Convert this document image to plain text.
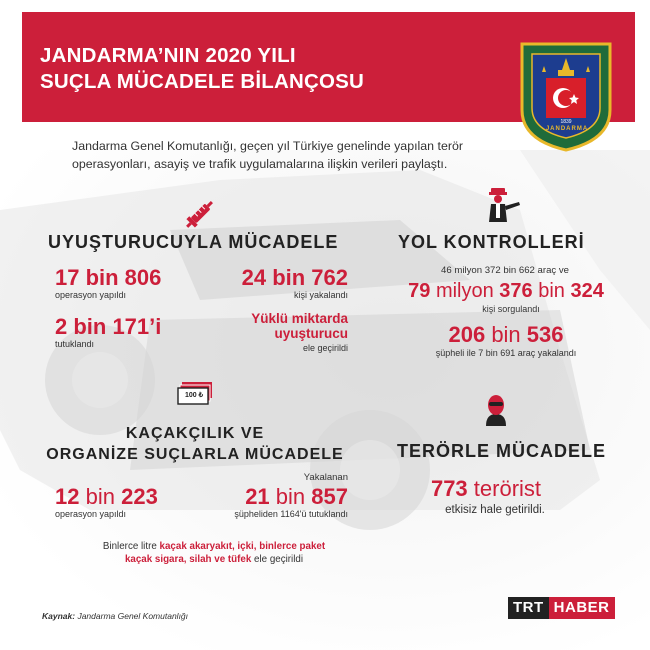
JANDARMA’NIN 2020 YILI
SUÇLA MÜCADELE BİLANÇOSU
JANDARMA
1839
Jandarma Genel Komutanlığı, geçen yıl Türkiye genelinde yapılan terör operasyonları, asayiş ve trafik uygulamalarına ilişkin verileri paylaştı.
UYUŞTURUCUYLA MÜCADELE
17 bin 806
operasyon yapıldı
24 bin 762
kişi yakalandı
2 bin 171’i
tutuklandı
Yüklü miktarda
uyuşturucu
ele geçirildi
YOL KONTROLLERİ
46 milyon 372 bin 662 araç ve
79 milyon 376 bin 324
kişi sorgulandı
206 bin 536
şüpheli ile 7 bin 691 araç yakalandı
100 ₺
KAÇAKÇILIK VE
ORGANİZE SUÇLARLA MÜCADELE
12 bin 223
operasyon yapıldı
Yakalanan
21 bin 857
şüpheliden 1164'ü tutuklandı
Binlerce litre kaçak akaryakıt, içki, binlerce paket
kaçak sigara, silah ve tüfek ele geçirildi
TERÖRLE MÜCADELE
773 terörist
etkisiz hale getirildi.
Kaynak: Jandarma Genel Komutanlığı	TRT HABER
